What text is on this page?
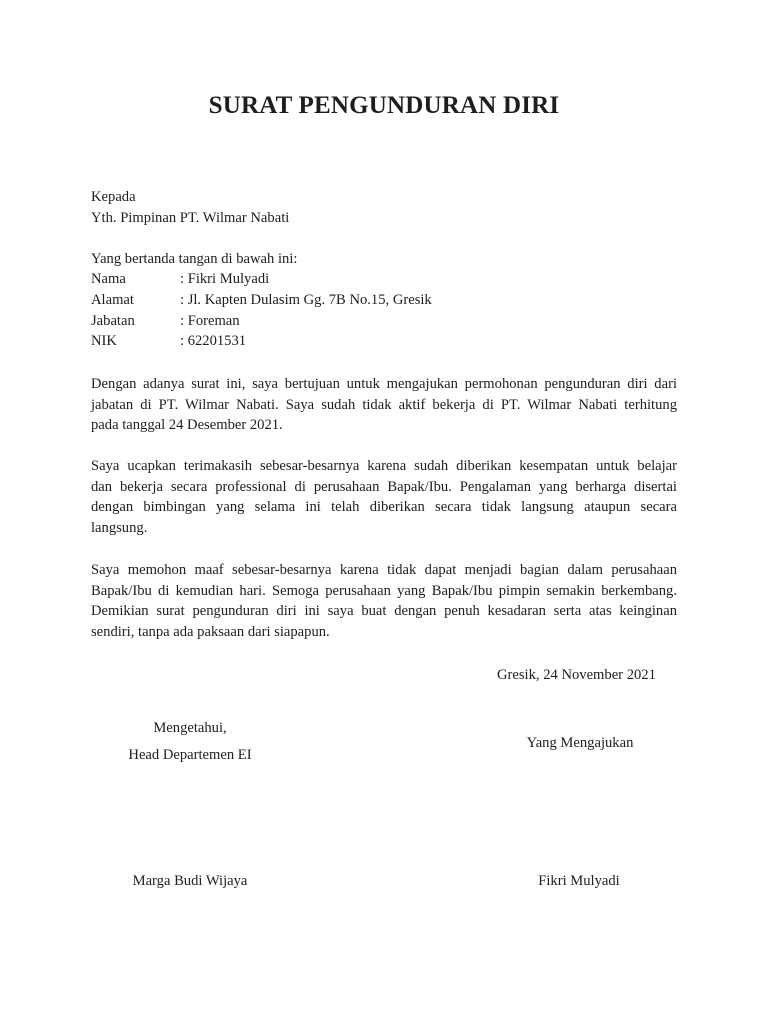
SURAT PENGUNDURAN DIRI
Kepada
Yth. Pimpinan PT. Wilmar Nabati
Yang bertanda tangan di bawah ini:
Nama	: Fikri Mulyadi
Alamat	: Jl. Kapten Dulasim Gg. 7B No.15, Gresik
Jabatan	: Foreman
NIK	: 62201531
Dengan adanya surat ini, saya bertujuan untuk mengajukan permohonan pengunduran diri dari
jabatan di PT. Wilmar Nabati. Saya sudah tidak aktif bekerja di PT. Wilmar Nabati terhitung
pada tanggal 24 Desember 2021.
Saya ucapkan terimakasih sebesar-besarnya karena sudah diberikan kesempatan untuk belajar
dan bekerja secara professional di perusahaan Bapak/Ibu. Pengalaman yang berharga disertai
dengan bimbingan yang selama ini telah diberikan secara tidak langsung ataupun secara
langsung.
Saya memohon maaf sebesar-besarnya karena tidak dapat menjadi bagian dalam perusahaan
Bapak/Ibu di kemudian hari. Semoga perusahaan yang Bapak/Ibu pimpin semakin berkembang.
Demikian surat pengunduran diri ini saya buat dengan penuh kesadaran serta atas keinginan
sendiri, tanpa ada paksaan dari siapapun.
Gresik, 24 November 2021
Mengetahui,
Head Departemen EI
Yang Mengajukan
Marga Budi Wijaya	Fikri Mulyadi
